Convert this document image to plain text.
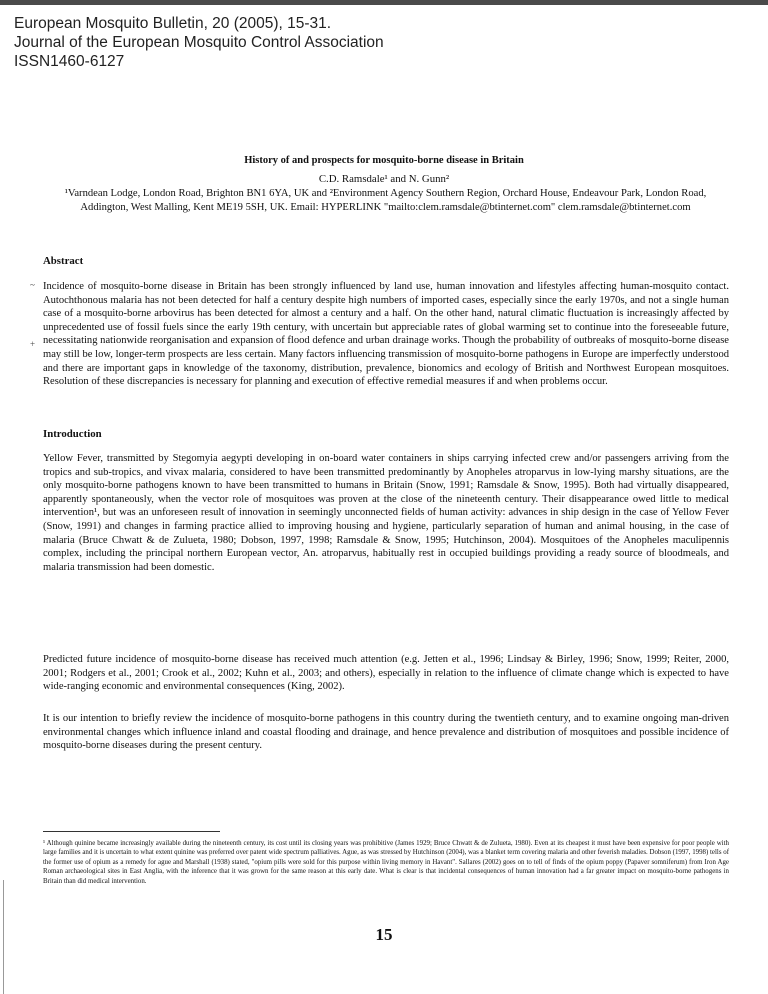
European Mosquito Bulletin, 20 (2005), 15-31.
Journal of the European Mosquito Control Association
ISSN1460-6127
History of and prospects for mosquito-borne disease in Britain
C.D. Ramsdale¹ and N. Gunn²
¹Varndean Lodge, London Road, Brighton BN1 6YA, UK and ²Environment Agency Southern Region, Orchard House, Endeavour Park, London Road, Addington, West Malling, Kent ME19 5SH, UK. Email: HYPERLINK "mailto:clem.ramsdale@btinternet.com" clem.ramsdale@btinternet.com
~
+
Abstract
Incidence of mosquito-borne disease in Britain has been strongly influenced by land use, human innovation and lifestyles affecting human-mosquito contact. Autochthonous malaria has not been detected for half a century despite high numbers of imported cases, especially since the early 1970s, and not a single human case of a mosquito-borne arbovirus has been detected for almost a century and a half. On the other hand, natural climatic fluctuation is increasingly affected by unprecedented use of fossil fuels since the early 19th century, with uncertain but appreciable rates of global warming set to continue into the foreseeable future, necessitating nationwide reorganisation and expansion of flood defence and urban drainage works. Though the probability of outbreaks of mosquito-borne disease may still be low, longer-term prospects are less certain. Many factors influencing transmission of mosquito-borne pathogens in Europe are imperfectly understood and there are important gaps in knowledge of the taxonomy, distribution, prevalence, bionomics and ecology of British and Northwest European mosquitoes. Resolution of these discrepancies is necessary for planning and execution of effective remedial measures if and when problems occur.
Introduction
Yellow Fever, transmitted by Stegomyia aegypti developing in on-board water containers in ships carrying infected crew and/or passengers arriving from the tropics and sub-tropics, and vivax malaria, considered to have been transmitted predominantly by Anopheles atroparvus in low-lying marshy situations, are the only mosquito-borne pathogens known to have been transmitted to humans in Britain (Snow, 1991; Ramsdale & Snow, 1995). Both had virtually disappeared, apparently spontaneously, when the vector role of mosquitoes was proven at the close of the nineteenth century. Their disappearance owed little to medical intervention¹, but was an unforeseen result of innovation in seemingly unconnected fields of human activity: advances in ship design in the case of Yellow Fever (Snow, 1991) and changes in farming practice allied to improving housing and hygiene, particularly separation of human and animal housing, in the case of malaria (Bruce Chwatt & de Zulueta, 1980; Dobson, 1997, 1998; Ramsdale & Snow, 1995; Hutchinson, 2004). Mosquitoes of the Anopheles maculipennis complex, including the principal northern European vector, An. atroparvus, habitually rest in occupied buildings providing a ready source of bloodmeals, and malaria transmission had been domestic.
Predicted future incidence of mosquito-borne disease has received much attention (e.g. Jetten et al., 1996; Lindsay & Birley, 1996; Snow, 1999; Reiter, 2000, 2001; Rodgers et al., 2001; Crook et al., 2002; Kuhn et al., 2003; and others), especially in relation to the influence of climate change which is expected to have wide-ranging economic and environmental consequences (King, 2002).
It is our intention to briefly review the incidence of mosquito-borne pathogens in this country during the twentieth century, and to examine ongoing man-driven environmental changes which influence inland and coastal flooding and drainage, and hence prevalence and distribution of mosquitoes and possible incidence of mosquito-borne diseases during the present century.
¹ Although quinine became increasingly available during the nineteenth century, its cost until its closing years was prohibitive (James 1929; Bruce Chwatt & de Zulueta, 1980). Even at its cheapest it must have been expensive for poor people with large families and it is uncertain to what extent quinine was preferred over patent wide spectrum palliatives. Ague, as was stressed by Hutchinson (2004), was a blanket term covering malaria and other feverish maladies. Dobson (1997, 1998) tells of the former use of opium as a remedy for ague and Marshall (1938) stated, "opium pills were sold for this purpose within living memory in Havant". Sallares (2002) goes on to tell of finds of the opium poppy (Papaver somniferum) from Iron Age Roman archaeological sites in East Anglia, with the inference that it was grown for the same reason at this early date. What is clear is that incidental consequences of human innovation had a far greater impact on mosquito-borne pathogens in Britain than did medical intervention.
15
